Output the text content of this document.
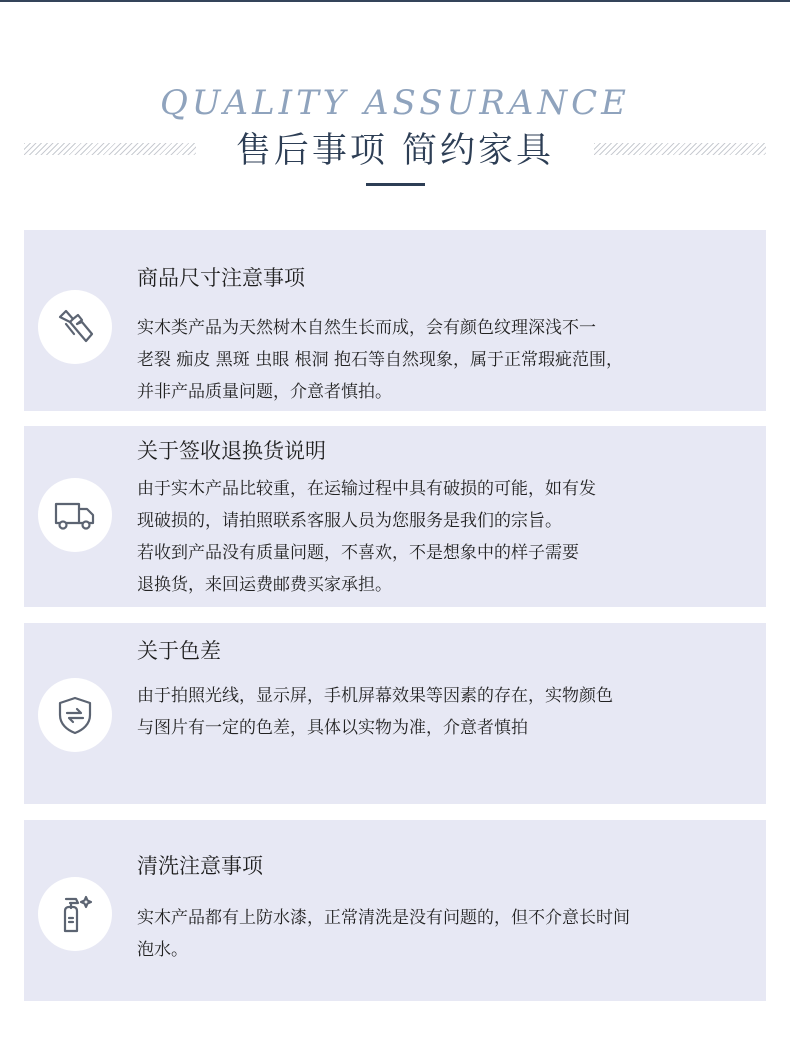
QUALITY ASSURANCE
售后事项 简约家具
商品尺寸注意事项
实木类产品为天然树木自然生长而成，会有颜色纹理深浅不一
老裂 痂皮 黑斑 虫眼 根洞 抱石等自然现象，属于正常瑕疵范围，
并非产品质量问题，介意者慎拍。
关于签收退换货说明
由于实木产品比较重，在运输过程中具有破损的可能，如有发
现破损的，请拍照联系客服人员为您服务是我们的宗旨。
若收到产品没有质量问题，不喜欢，不是想象中的样子需要
退换货，来回运费邮费买家承担。
关于色差
由于拍照光线，显示屏，手机屏幕效果等因素的存在，实物颜色
与图片有一定的色差，具体以实物为准，介意者慎拍
清洗注意事项
实木产品都有上防水漆，正常清洗是没有问题的，但不介意长时间
泡水。
